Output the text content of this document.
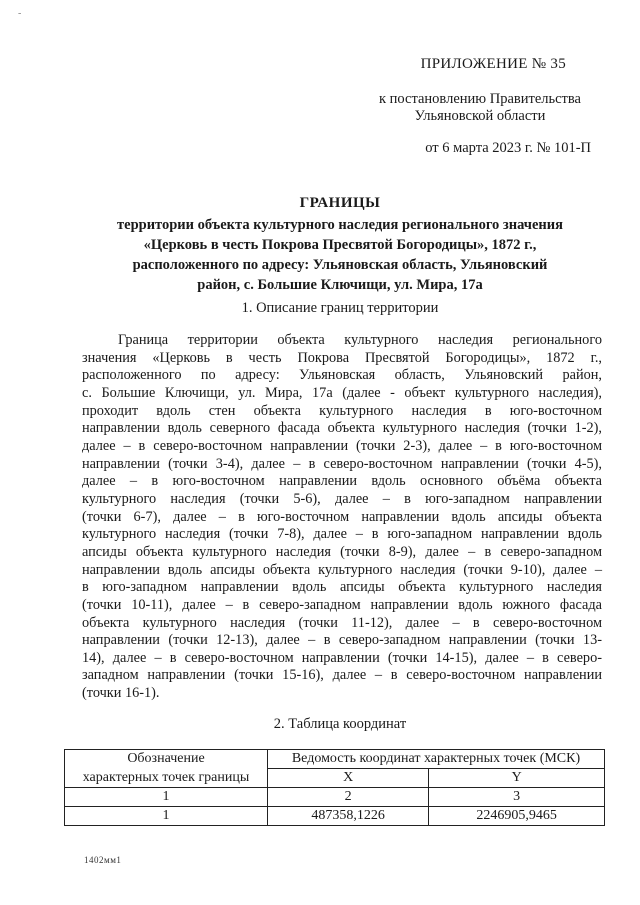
-
ПРИЛОЖЕНИЕ № 35
к постановлению Правительства
Ульяновской области
от 6 марта 2023 г. № 101-П
ГРАНИЦЫ
территории объекта культурного наследия регионального значения
«Церковь в честь Покрова Пресвятой Богородицы», 1872 г.,
расположенного по адресу: Ульяновская область, Ульяновский
район, с. Большие Ключищи, ул. Мира, 17а
1. Описание границ территории
Граница территории объекта культурного наследия регионального
значения «Церковь в честь Покрова Пресвятой Богородицы», 1872 г.,
расположенного по адресу: Ульяновская область, Ульяновский район,
с. Большие Ключищи, ул. Мира, 17а (далее - объект культурного наследия),
проходит вдоль стен объекта культурного наследия в юго-восточном
направлении вдоль северного фасада объекта культурного наследия (точки 1-2),
далее – в северо-восточном направлении (точки 2-3), далее – в юго-восточном
направлении (точки 3-4), далее – в северо-восточном направлении (точки 4-5),
далее – в юго-восточном направлении вдоль основного объёма объекта
культурного наследия (точки 5-6), далее – в юго-западном направлении
(точки 6-7), далее – в юго-восточном направлении вдоль апсиды объекта
культурного наследия (точки 7-8), далее – в юго-западном направлении вдоль
апсиды объекта культурного наследия (точки 8-9), далее – в северо-западном
направлении вдоль апсиды объекта культурного наследия (точки 9-10), далее –
в юго-западном направлении вдоль апсиды объекта культурного наследия
(точки 10-11), далее – в северо-западном направлении вдоль южного фасада
объекта культурного наследия (точки 11-12), далее – в северо-восточном
направлении (точки 12-13), далее – в северо-западном направлении (точки 13-
14), далее – в северо-восточном направлении (точки 14-15), далее – в северо-
западном направлении (точки 15-16), далее – в северо-восточном направлении
(точки 16-1).
2. Таблица координат
Обозначение	Ведомость координат характерных точек (МСК)	
характерных точек границы	X	Y
1	2	3
1	487358,1226	2246905,9465
1402мм1
